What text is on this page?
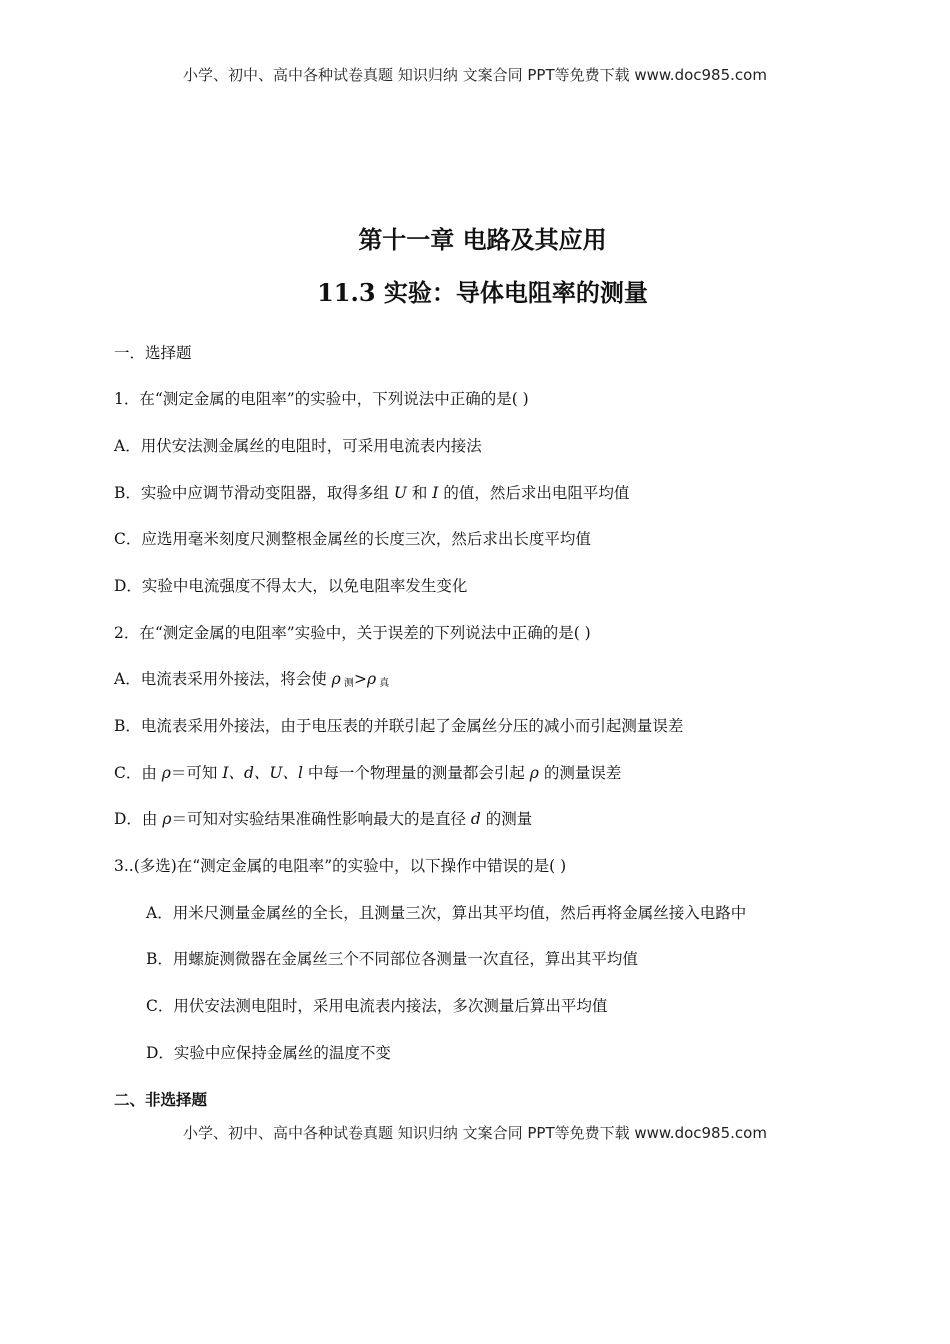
小学、初中、高中各种试卷真题 知识归纳 文案合同 PPT等免费下载 www.doc985.com
第十一章 电路及其应用
11.3 实验：导体电阻率的测量
一．选择题
1．在“测定金属的电阻率”的实验中，下列说法中正确的是( )
A．用伏安法测金属丝的电阻时，可采用电流表内接法
B．实验中应调节滑动变阻器，取得多组 U 和 I 的值，然后求出电阻平均值
C．应选用毫米刻度尺测整根金属丝的长度三次，然后求出长度平均值
D．实验中电流强度不得太大，以免电阻率发生变化
2．在“测定金属的电阻率”实验中，关于误差的下列说法中正确的是( )
A．电流表采用外接法，将会使 ρ $_测$>ρ $_真$
B．电流表采用外接法，由于电压表的并联引起了金属丝分压的减小而引起测量误差
C．由 ρ＝可知 I、d、U、l 中每一个物理量的测量都会引起 ρ 的测量误差
D．由 ρ＝可知对实验结果准确性影响最大的是直径 d 的测量
3..(多选)在“测定金属的电阻率”的实验中，以下操作中错误的是( )
A．用米尺测量金属丝的全长，且测量三次，算出其平均值，然后再将金属丝接入电路中
B．用螺旋测微器在金属丝三个不同部位各测量一次直径，算出其平均值
C．用伏安法测电阻时，采用电流表内接法，多次测量后算出平均值
D．实验中应保持金属丝的温度不变
二、非选择题
小学、初中、高中各种试卷真题 知识归纳 文案合同 PPT等免费下载 www.doc985.com
